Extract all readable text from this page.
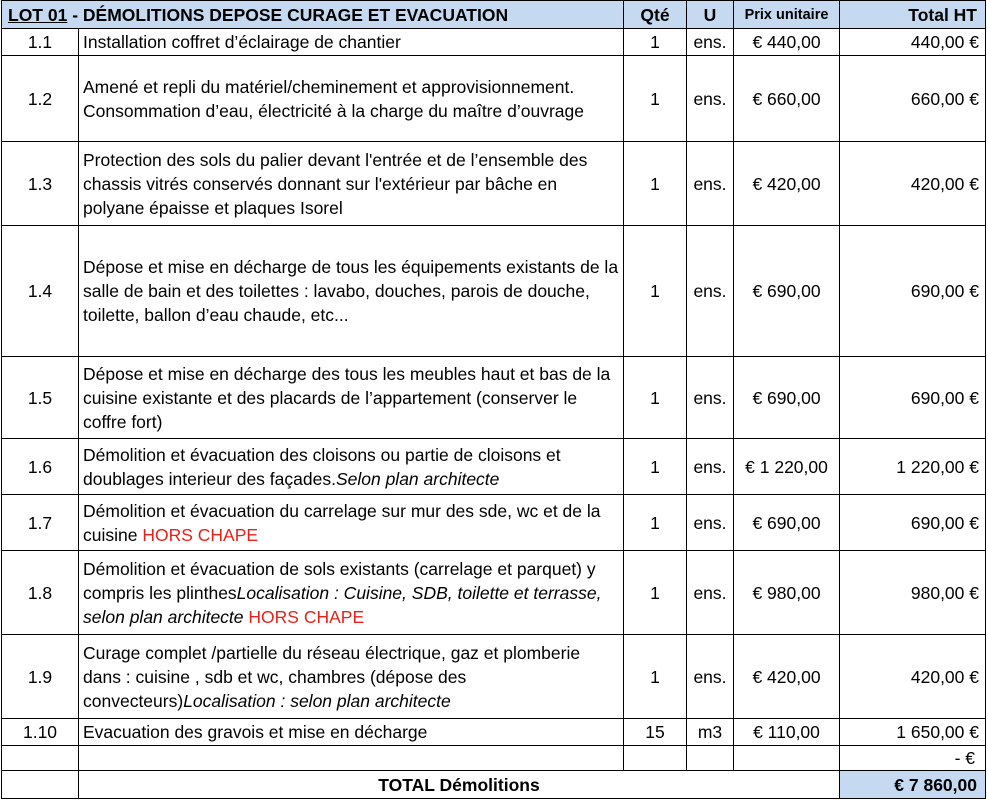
LOT 01 - DÉMOLITIONS DEPOSE CURAGE ET EVACUATION		Qté	U	Prix unitaire	Total HT
1.1	Installation coffret d’éclairage de chantier	1	ens.	€ 440,00	440,00 €
1.2	Amené et repli du matériel/cheminement et approvisionnement. Consommation d’eau, électricité à la charge du maître d’ouvrage	1	ens.	€ 660,00	660,00 €
1.3	Protection des sols du palier devant l'entrée et de l’ensemble des chassis vitrés conservés donnant sur l'extérieur par bâche en polyane épaisse et plaques Isorel	1	ens.	€ 420,00	420,00 €
1.4	Dépose et mise en décharge de tous les équipements existants de la salle de bain et des toilettes : lavabo, douches, parois de douche, toilette, ballon d’eau chaude, etc...	1	ens.	€ 690,00	690,00 €
1.5	Dépose et mise en décharge des tous les meubles haut et bas de la cuisine existante et des placards de l’appartement (conserver le coffre fort)	1	ens.	€ 690,00	690,00 €
1.6	Démolition et évacuation des cloisons ou partie de cloisons et doublages interieur des façades.Selon plan architecte	1	ens.	€ 1 220,00	1 220,00 €
1.7	Démolition et évacuation du carrelage sur mur des sde, wc et de la cuisine HORS CHAPE	1	ens.	€ 690,00	690,00 €
1.8	Démolition et évacuation de sols existants (carrelage et parquet) y compris les plinthesLocalisation : Cuisine, SDB, toilette et terrasse, selon plan architecte HORS CHAPE	1	ens.	€ 980,00	980,00 €
1.9	Curage complet /partielle du réseau électrique, gaz et plomberie dans : cuisine , sdb et wc, chambres (dépose des convecteurs)Localisation : selon plan architecte	1	ens.	€ 420,00	420,00 €
1.10	Evacuation des gravois et mise en décharge	15	m3	€ 110,00	1 650,00 €
					- €
	TOTAL Démolitions				€ 7 860,00
